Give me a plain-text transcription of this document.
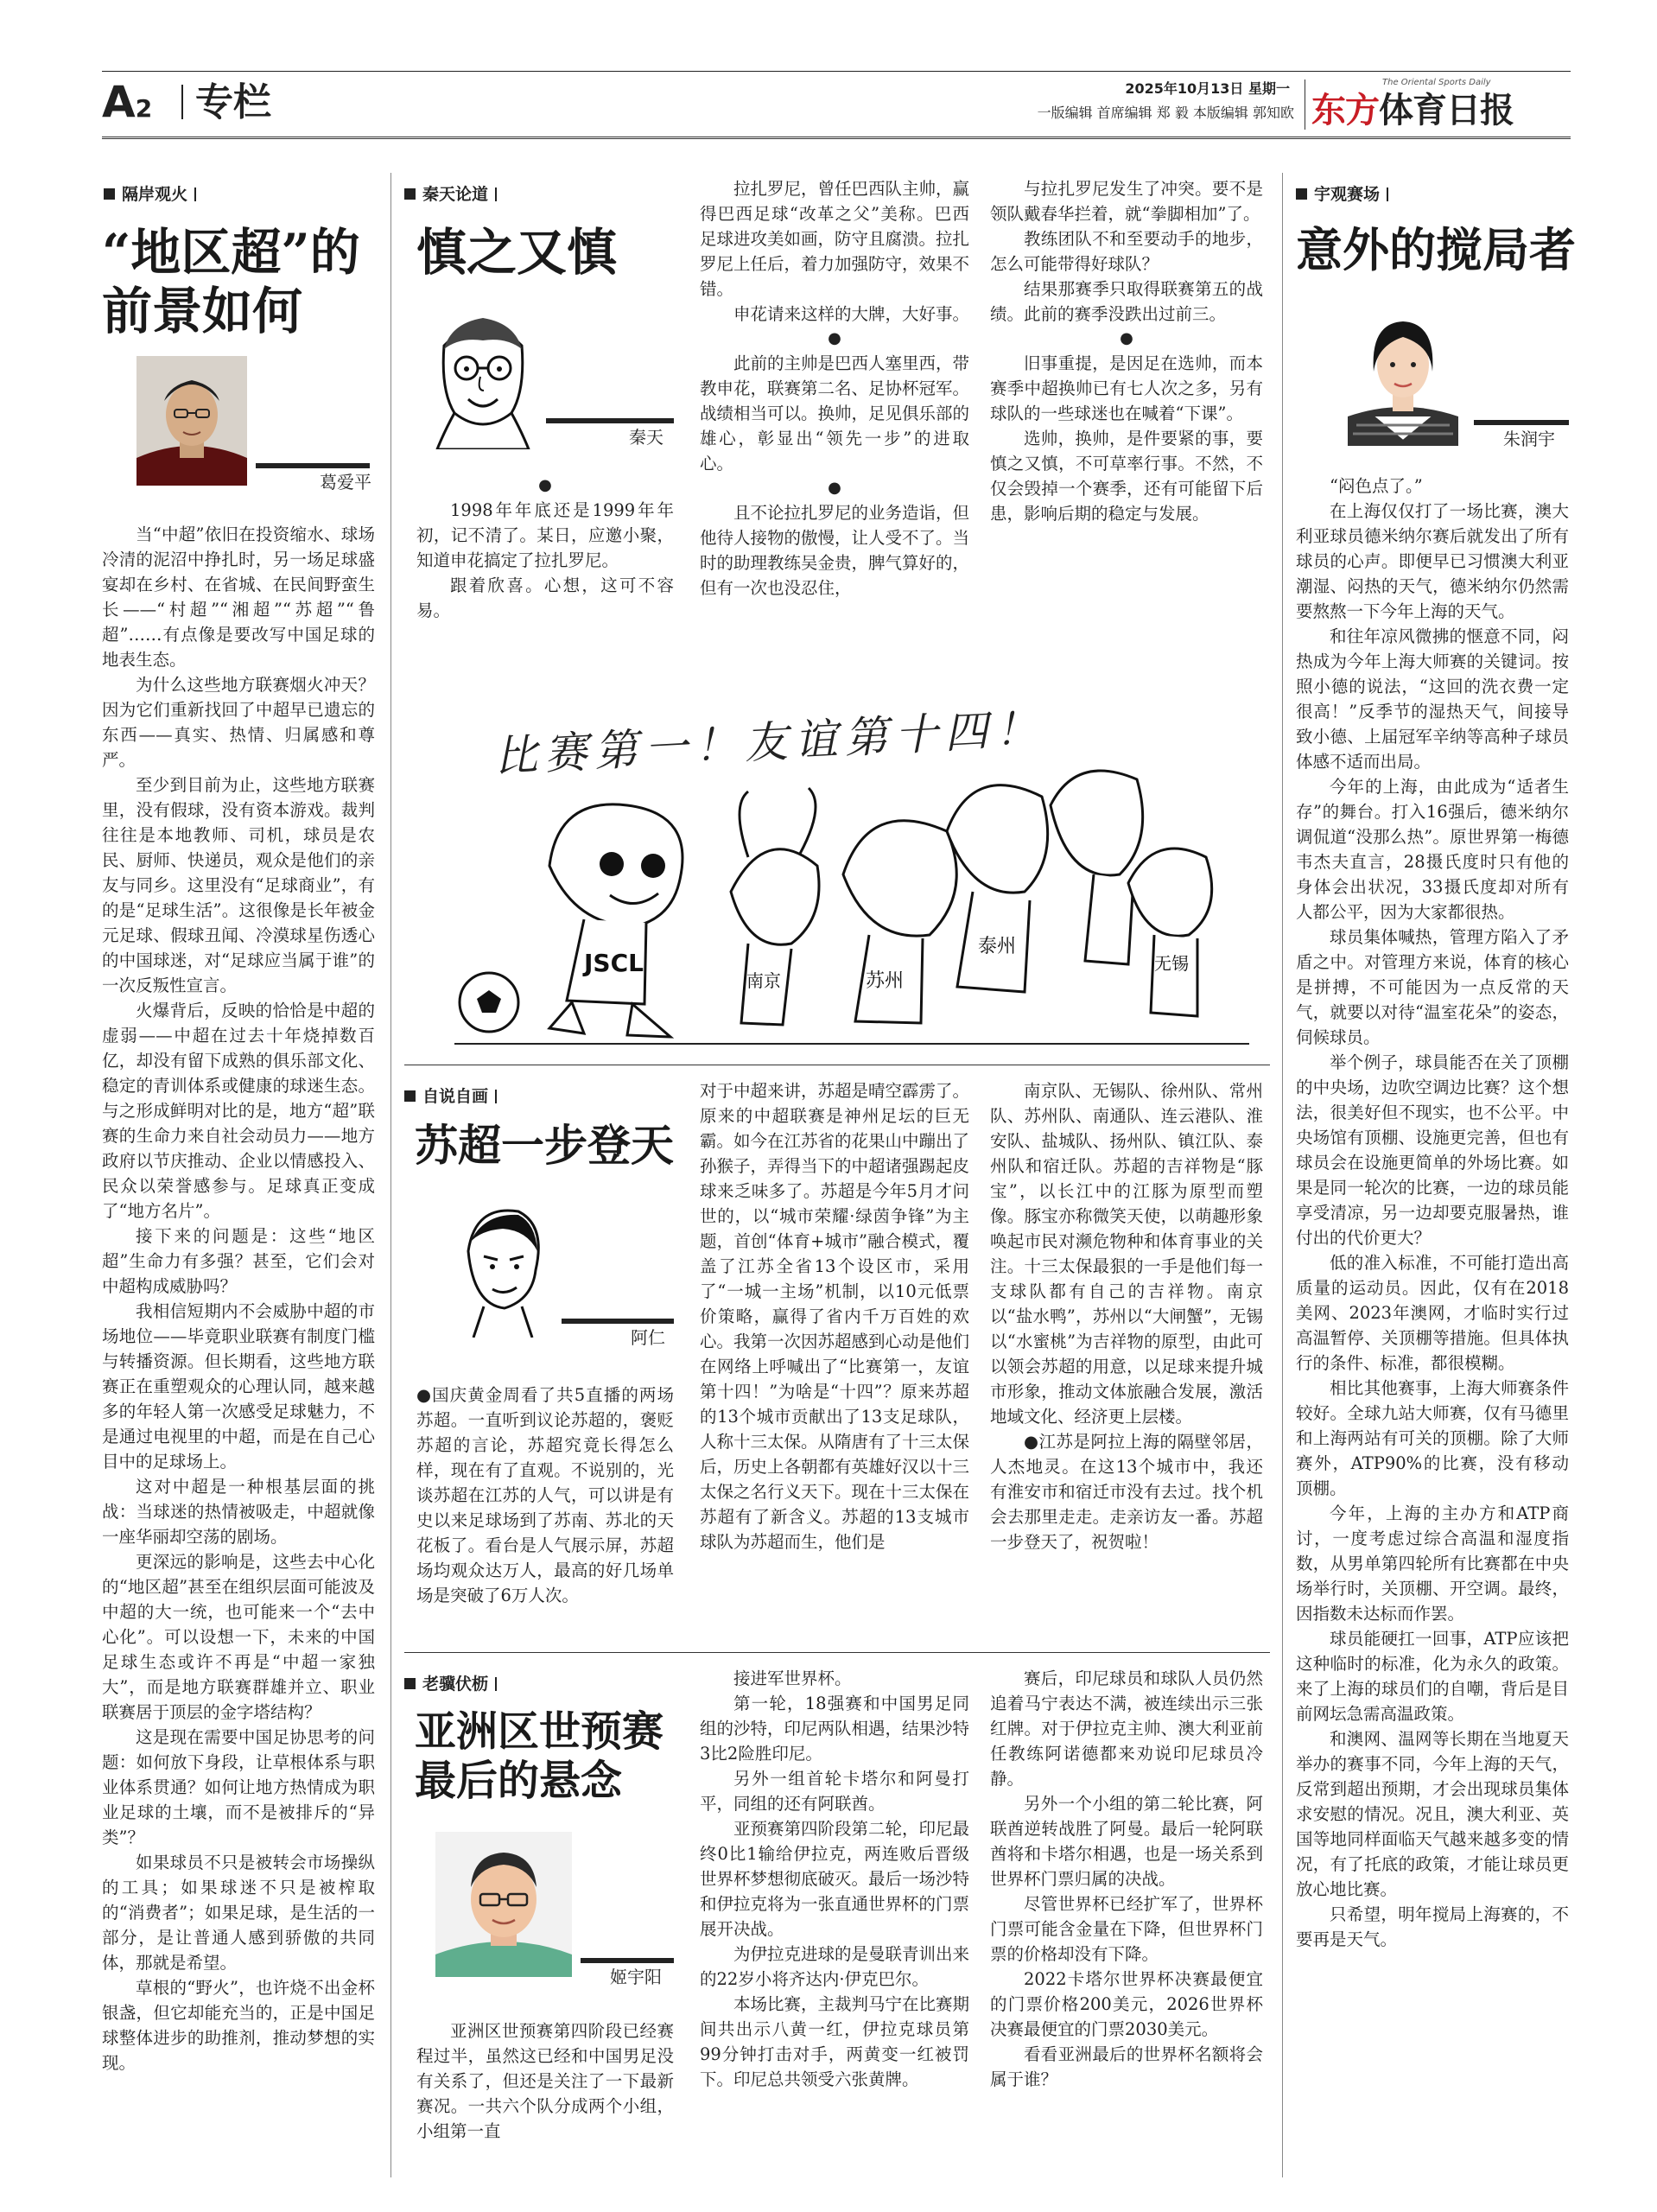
A2 专栏	2025年10月13日 星期一
一版编辑 首席编辑 郑 毅 本版编辑 郭知欧
The Oriental Sports Daily
东方体育日报
隔岸观火
“地区超”的
前景如何
葛爱平

当“中超”依旧在投资缩水、球场冷清的泥沼中挣扎时，另一场足球盛宴却在乡村、在省城、在民间野蛮生长——“村超”“湘超”“苏超”“鲁超”……有点像是要改写中国足球的地表生态。

为什么这些地方联赛烟火冲天？因为它们重新找回了中超早已遗忘的东西——真实、热情、归属感和尊严。

至少到目前为止，这些地方联赛里，没有假球，没有资本游戏。裁判往往是本地教师、司机，球员是农民、厨师、快递员，观众是他们的亲友与同乡。这里没有“足球商业”，有的是“足球生活”。这很像是长年被金元足球、假球丑闻、冷漠球星伤透心的中国球迷，对“足球应当属于谁”的一次反叛性宣言。

火爆背后，反映的恰恰是中超的虚弱——中超在过去十年烧掉数百亿，却没有留下成熟的俱乐部文化、稳定的青训体系或健康的球迷生态。与之形成鲜明对比的是，地方“超”联赛的生命力来自社会动员力——地方政府以节庆推动、企业以情感投入、民众以荣誉感参与。足球真正变成了“地方名片”。

接下来的问题是：这些“地区超”生命力有多强？甚至，它们会对中超构成威胁吗？

我相信短期内不会威胁中超的市场地位——毕竟职业联赛有制度门槛与转播资源。但长期看，这些地方联赛正在重塑观众的心理认同，越来越多的年轻人第一次感受足球魅力，不是通过电视里的中超，而是在自己心目中的足球场上。

这对中超是一种根基层面的挑战：当球迷的热情被吸走，中超就像一座华丽却空荡的剧场。

更深远的影响是，这些去中心化的“地区超”甚至在组织层面可能波及中超的大一统，也可能来一个“去中心化”。可以设想一下，未来的中国足球生态或许不再是“中超一家独大”，而是地方联赛群雄并立、职业联赛居于顶层的金字塔结构？

这是现在需要中国足协思考的问题：如何放下身段，让草根体系与职业体系贯通？如何让地方热情成为职业足球的土壤，而不是被排斥的“异类”？

如果球员不只是被转会市场操纵的工具；如果球迷不只是被榨取的“消费者”；如果足球，是生活的一部分，是让普通人感到骄傲的共同体，那就是希望。

草根的“野火”，也许烧不出金杯银盏，但它却能充当的，正是中国足球整体进步的助推剂，推动梦想的实现。

秦天论道
慎之又慎
秦天

●

1998年年底还是1999年年初，记不清了。某日，应邀小聚，知道申花搞定了拉扎罗尼。

跟着欣喜。心想，这可不容易。

拉扎罗尼，曾任巴西队主帅，赢得巴西足球“改革之父”美称。巴西足球进攻美如画，防守且腐溃。拉扎罗尼上任后，着力加强防守，效果不错。

申花请来这样的大牌，大好事。

●

此前的主帅是巴西人塞里西，带教申花，联赛第二名、足协杯冠军。战绩相当可以。换帅，足见俱乐部的雄心，彰显出“领先一步”的进取心。

●

且不论拉扎罗尼的业务造诣，但他待人接物的傲慢，让人受不了。当时的助理教练吴金贵，脾气算好的，但有一次也没忍住，

与拉扎罗尼发生了冲突。要不是领队戴春华拦着，就“拳脚相加”了。

教练团队不和至要动手的地步，怎么可能带得好球队？

结果那赛季只取得联赛第五的战绩。此前的赛季没跌出过前三。

●

旧事重提，是因足在选帅，而本赛季中超换帅已有七人次之多，另有球队的一些球迷也在喊着“下课”。

选帅，换帅，是件要紧的事，要慎之又慎，不可草率行事。不然，不仅会毁掉一个赛季，还有可能留下后患，影响后期的稳定与发展。

比赛第一！友谊第十四！
JSCL
苏州
泰州
无锡
南京
自说自画
苏超一步登天
阿仁

●国庆黄金周看了共5直播的两场苏超。一直听到议论苏超的，褒贬苏超的言论，苏超究竟长得怎么样，现在有了直观。不说别的，光谈苏超在江苏的人气，可以讲是有史以来足球场到了苏南、苏北的天花板了。看台是人气展示屏，苏超场均观众达万人，最高的好几场单场是突破了6万人次。

对于中超来讲，苏超是晴空霹雳了。原来的中超联赛是神州足坛的巨无霸。如今在江苏省的花果山中蹦出了孙猴子，弄得当下的中超诸强踢起皮球来乏味多了。苏超是今年5月才问世的，以“城市荣耀·绿茵争锋”为主题，首创“体育+城市”融合模式，覆盖了江苏全省13个设区市，采用了“一城一主场”机制，以10元低票价策略，赢得了省内千万百姓的欢心。我第一次因苏超感到心动是他们在网络上呼喊出了“比赛第一，友谊第十四！”为啥是“十四”？原来苏超的13个城市贡献出了13支足球队，人称十三太保。从隋唐有了十三太保后，历史上各朝都有英雄好汉以十三太保之名行义天下。现在十三太保在苏超有了新含义。苏超的13支城市球队为苏超而生，他们是

南京队、无锡队、徐州队、常州队、苏州队、南通队、连云港队、淮安队、盐城队、扬州队、镇江队、泰州队和宿迁队。苏超的吉祥物是“豚宝”，以长江中的江豚为原型而塑像。豚宝亦称微笑天使，以萌趣形象唤起市民对濒危物种和体育事业的关注。十三太保最狠的一手是他们每一支球队都有自己的吉祥物。南京以“盐水鸭”，苏州以“大闸蟹”，无锡以“水蜜桃”为吉祥物的原型，由此可以领会苏超的用意，以足球来提升城市形象，推动文体旅融合发展，激活地域文化、经济更上层楼。

●江苏是阿拉上海的隔壁邻居，人杰地灵。在这13个城市中，我还有淮安市和宿迁市没有去过。找个机会去那里走走。走亲访友一番。苏超一步登天了，祝贺啦！

老骥伏枥
亚洲区世预赛
最后的悬念
姬宇阳

亚洲区世预赛第四阶段已经赛程过半，虽然这已经和中国男足没有关系了，但还是关注了一下最新赛况。一共六个队分成两个小组，小组第一直

接进军世界杯。

第一轮，18强赛和中国男足同组的沙特，印尼两队相遇，结果沙特3比2险胜印尼。

另外一组首轮卡塔尔和阿曼打平，同组的还有阿联酋。

亚预赛第四阶段第二轮，印尼最终0比1输给伊拉克，两连败后晋级世界杯梦想彻底破灭。最后一场沙特和伊拉克将为一张直通世界杯的门票展开决战。

为伊拉克进球的是曼联青训出来的22岁小将齐达内·伊克巴尔。

本场比赛，主裁判马宁在比赛期间共出示八黄一红，伊拉克球员第99分钟打击对手，两黄变一红被罚下。印尼总共领受六张黄牌。

赛后，印尼球员和球队人员仍然追着马宁表达不满，被连续出示三张红牌。对于伊拉克主帅、澳大利亚前任教练阿诺德都来劝说印尼球员冷静。

另外一个小组的第二轮比赛，阿联酋逆转战胜了阿曼。最后一轮阿联酋将和卡塔尔相遇，也是一场关系到世界杯门票归属的决战。

尽管世界杯已经扩军了，世界杯门票可能含金量在下降，但世界杯门票的价格却没有下降。

2022卡塔尔世界杯决赛最便宜的门票价格200美元，2026世界杯决赛最便宜的门票2030美元。

看看亚洲最后的世界杯名额将会属于谁？

宇观赛场
意外的搅局者
朱润宇

“闷色点了。”

在上海仅仅打了一场比赛，澳大利亚球员德米纳尔赛后就发出了所有球员的心声。即便早已习惯澳大利亚潮湿、闷热的天气，德米纳尔仍然需要熬熬一下今年上海的天气。

和往年凉风微拂的惬意不同，闷热成为今年上海大师赛的关键词。按照小德的说法，“这回的洗衣费一定很高！”反季节的湿热天气，间接导致小德、上届冠军辛纳等高种子球员体感不适而出局。

今年的上海，由此成为“适者生存”的舞台。打入16强后，德米纳尔调侃道“没那么热”。原世界第一梅德韦杰夫直言，28摄氏度时只有他的身体会出状况，33摄氏度却对所有人都公平，因为大家都很热。

球员集体喊热，管理方陷入了矛盾之中。对管理方来说，体育的核心是拼搏，不可能因为一点反常的天气，就要以对待“温室花朵”的姿态，伺候球员。

举个例子，球員能否在关了顶棚的中央场，边吹空调边比赛？这个想法，很美好但不现实，也不公平。中央场馆有顶棚、设施更完善，但也有球员会在设施更简单的外场比赛。如果是同一轮次的比赛，一边的球员能享受清凉，另一边却要克服暑热，谁付出的代价更大？

低的准入标准，不可能打造出高质量的运动员。因此，仅有在2018美网、2023年澳网，才临时实行过高温暂停、关顶棚等措施。但具体执行的条件、标准，都很模糊。

相比其他赛事，上海大师赛条件较好。全球九站大师赛，仅有马德里和上海两站有可关的顶棚。除了大师赛外，ATP90%的比赛，没有移动顶棚。

今年，上海的主办方和ATP商讨，一度考虑过综合高温和湿度指数，从男单第四轮所有比赛都在中央场举行时，关顶棚、开空调。最终，因指数未达标而作罢。

球员能硬扛一回事，ATP应该把这种临时的标准，化为永久的政策。来了上海的球员们的自嘲，背后是目前网坛急需高温政策。

和澳网、温网等长期在当地夏天举办的赛事不同，今年上海的天气，反常到超出预期，才会出现球员集体求安慰的情况。况且，澳大利亚、英国等地同样面临天气越来越多变的情况，有了托底的政策，才能让球员更放心地比赛。

只希望，明年搅局上海赛的，不要再是天气。
